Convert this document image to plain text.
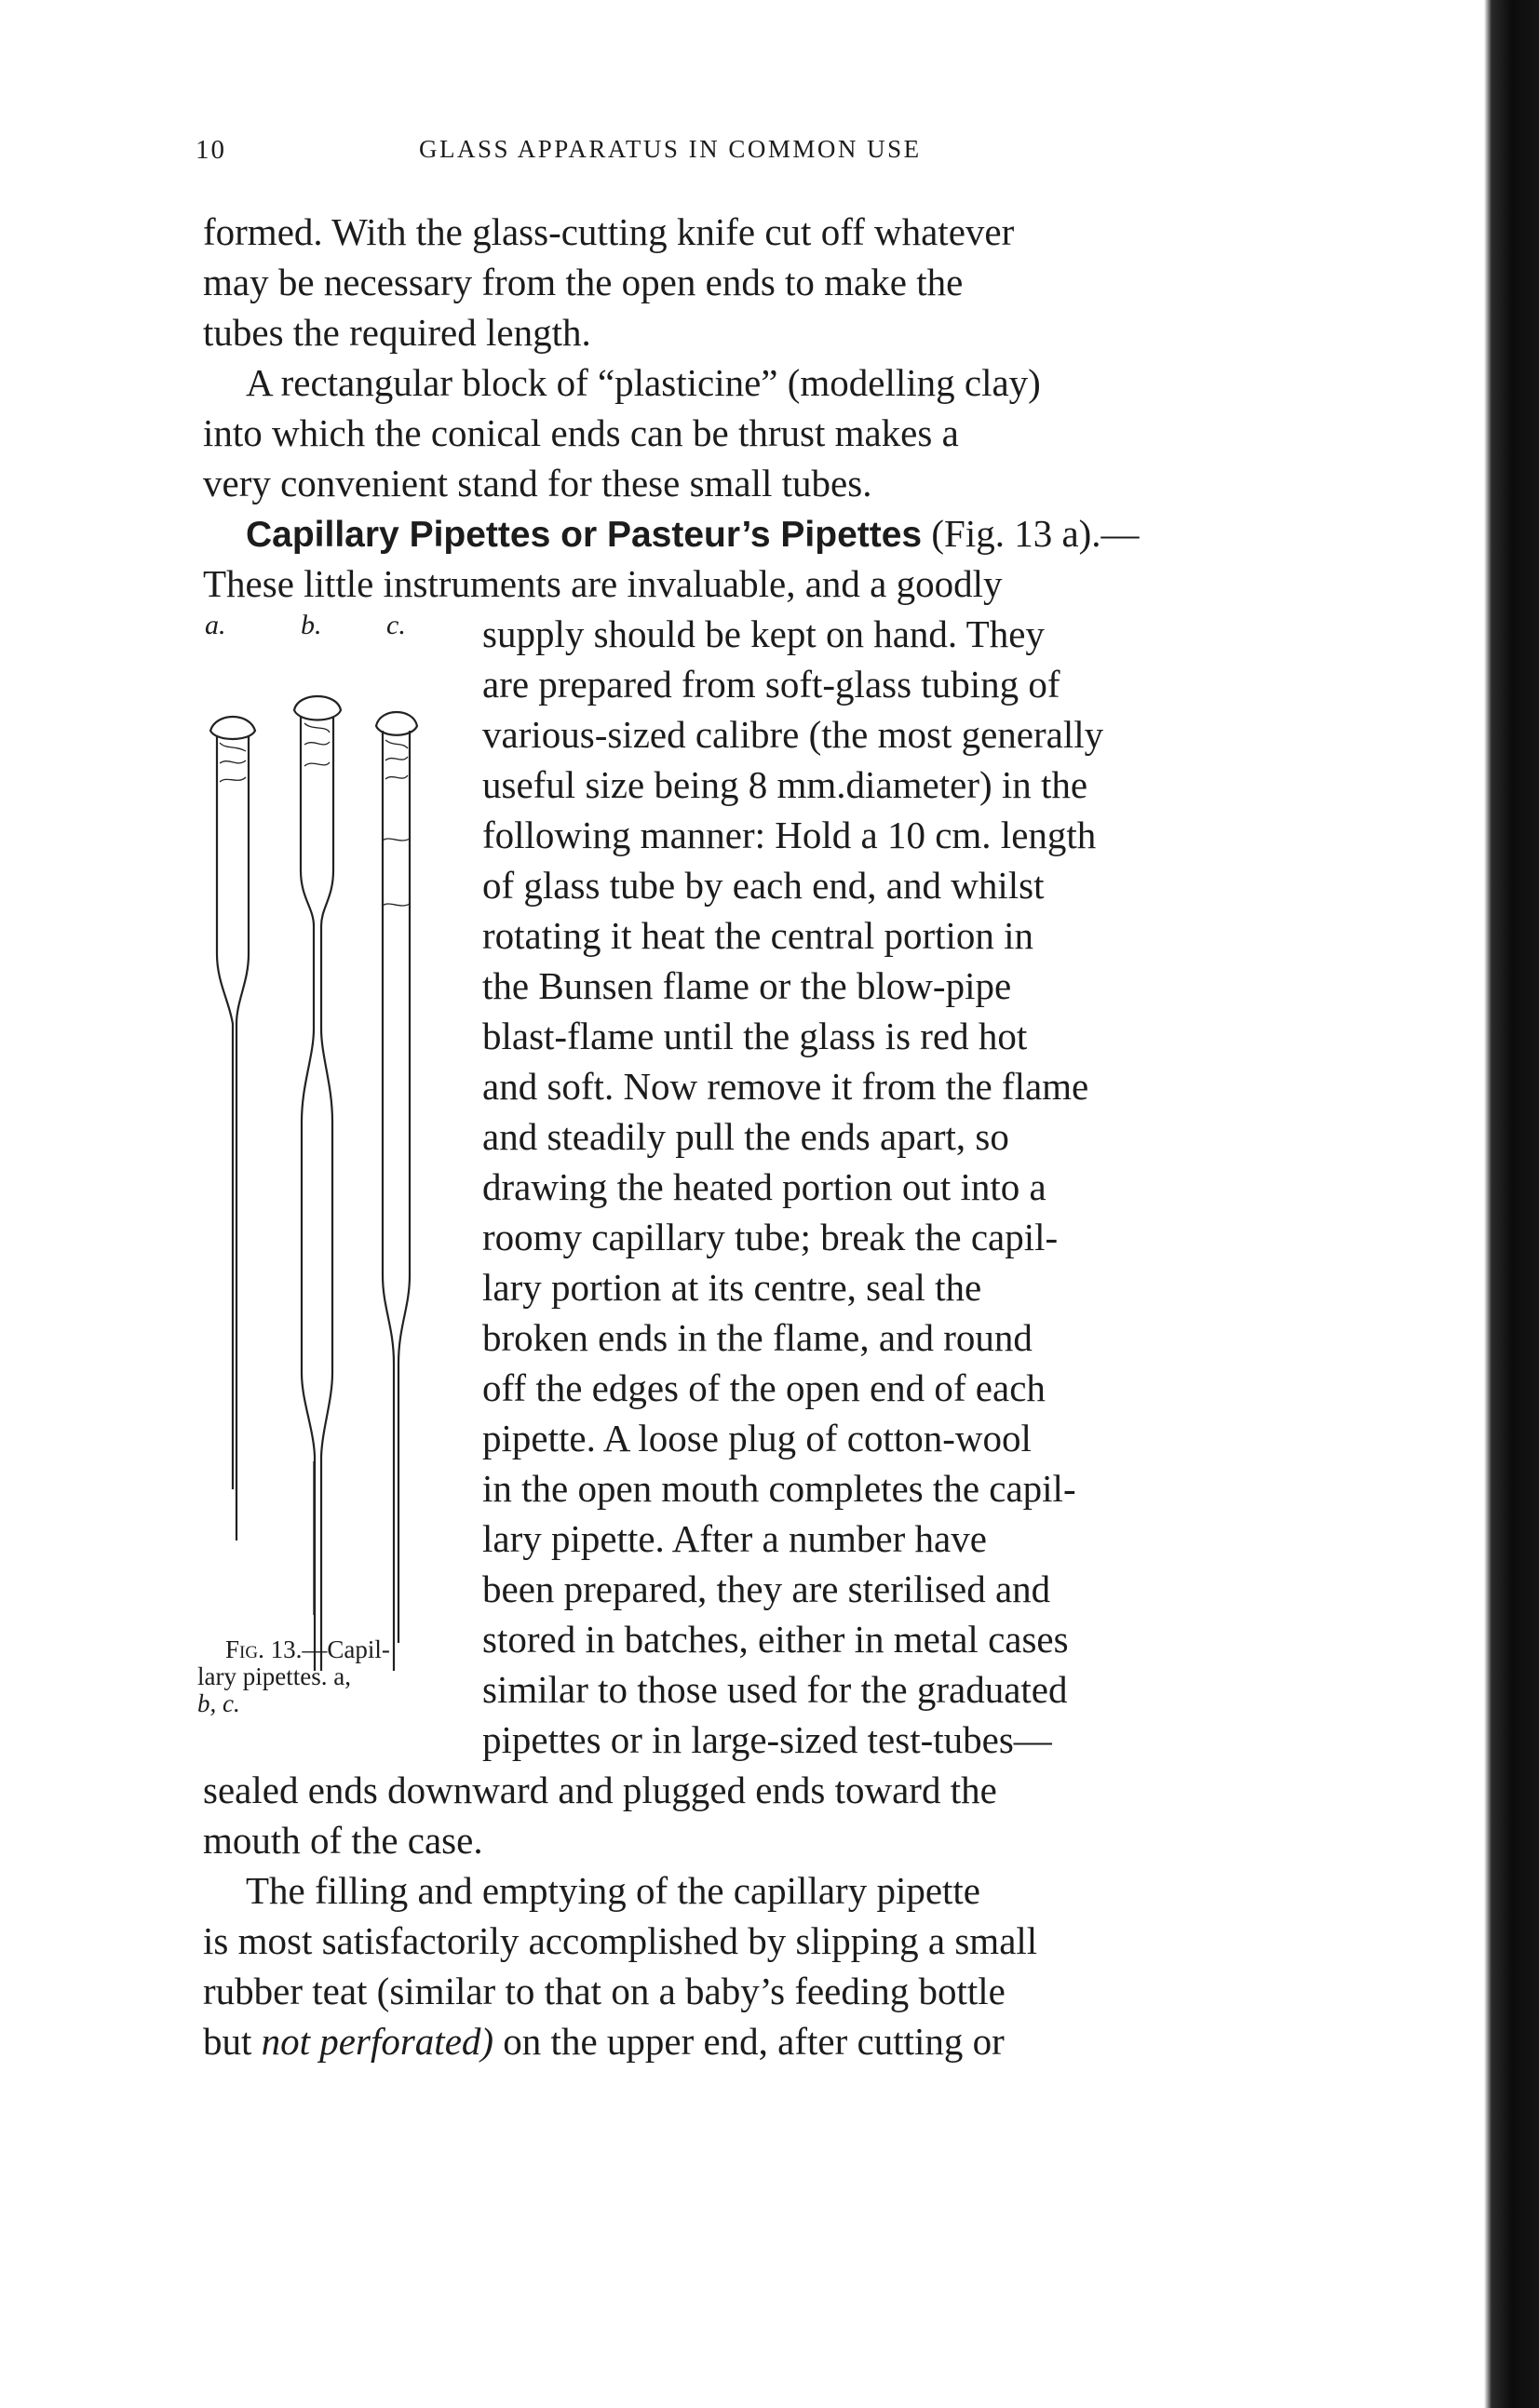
10	GLASS APPARATUS IN COMMON USE
formed. With the glass-cutting knife cut off whatever
may be necessary from the open ends to make the
tubes the required length.
A rectangular block of “plasticine” (modelling clay)
into which the conical ends can be thrust makes a
very convenient stand for these small tubes.
Capillary Pipettes or Pasteur’s Pipettes (Fig. 13 a).—
These little instruments are invaluable, and a goodly
supply should be kept on hand. They
are prepared from soft-glass tubing of
various-sized calibre (the most generally
useful size being 8 mm.diameter) in the
following manner: Hold a 10 cm. length
of glass tube by each end, and whilst
rotating it heat the central portion in
the Bunsen flame or the blow-pipe
blast-flame until the glass is red hot
and soft. Now remove it from the flame
and steadily pull the ends apart, so
drawing the heated portion out into a
roomy capillary tube; break the capil-
lary portion at its centre, seal the
broken ends in the flame, and round
off the edges of the open end of each
pipette. A loose plug of cotton-wool
in the open mouth completes the capil-
lary pipette. After a number have
been prepared, they are sterilised and
stored in batches, either in metal cases
similar to those used for the graduated
pipettes or in large-sized test-tubes—
sealed ends downward and plugged ends toward the
mouth of the case.
The filling and emptying of the capillary pipette
is most satisfactorily accomplished by slipping a small
rubber teat (similar to that on a baby’s feeding bottle
but not perforated) on the upper end, after cutting or
a.	b. c.
Fig. 13.—Capil-
lary pipettes. a,
b, c.
